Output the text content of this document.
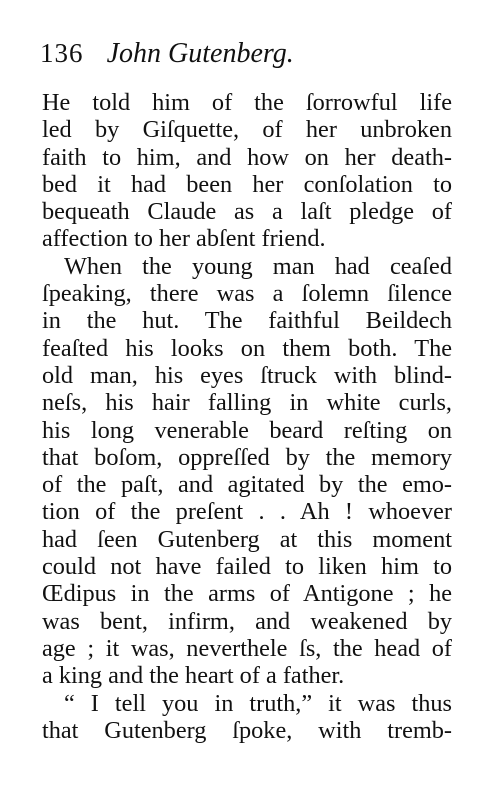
136 John Gutenberg.
He told him of the ſorrowful life
led by Giſquette, of her unbroken
faith to him, and how on her death-
bed it had been her conſolation to
bequeath Claude as a laſt pledge of
affection to her abſent friend.
When the young man had ceaſed
ſpeaking, there was a ſolemn ſilence
in the hut. The faithful Beildech
feaſted his looks on them both. The
old man, his eyes ſtruck with blind-
neſs, his hair falling in white curls,
his long venerable beard reſting on
that boſom, oppreſſed by the memory
of the paſt, and agitated by the emo-
tion of the preſent . . Ah ! whoever
had ſeen Gutenberg at this moment
could not have failed to liken him to
Œdipus in the arms of Antigone ; he
was bent, infirm, and weakened by
age ; it was, neverthele ſs, the head of
a king and the heart of a father.
“ I tell you in truth,” it was thus
that Gutenberg ſpoke, with tremb-
